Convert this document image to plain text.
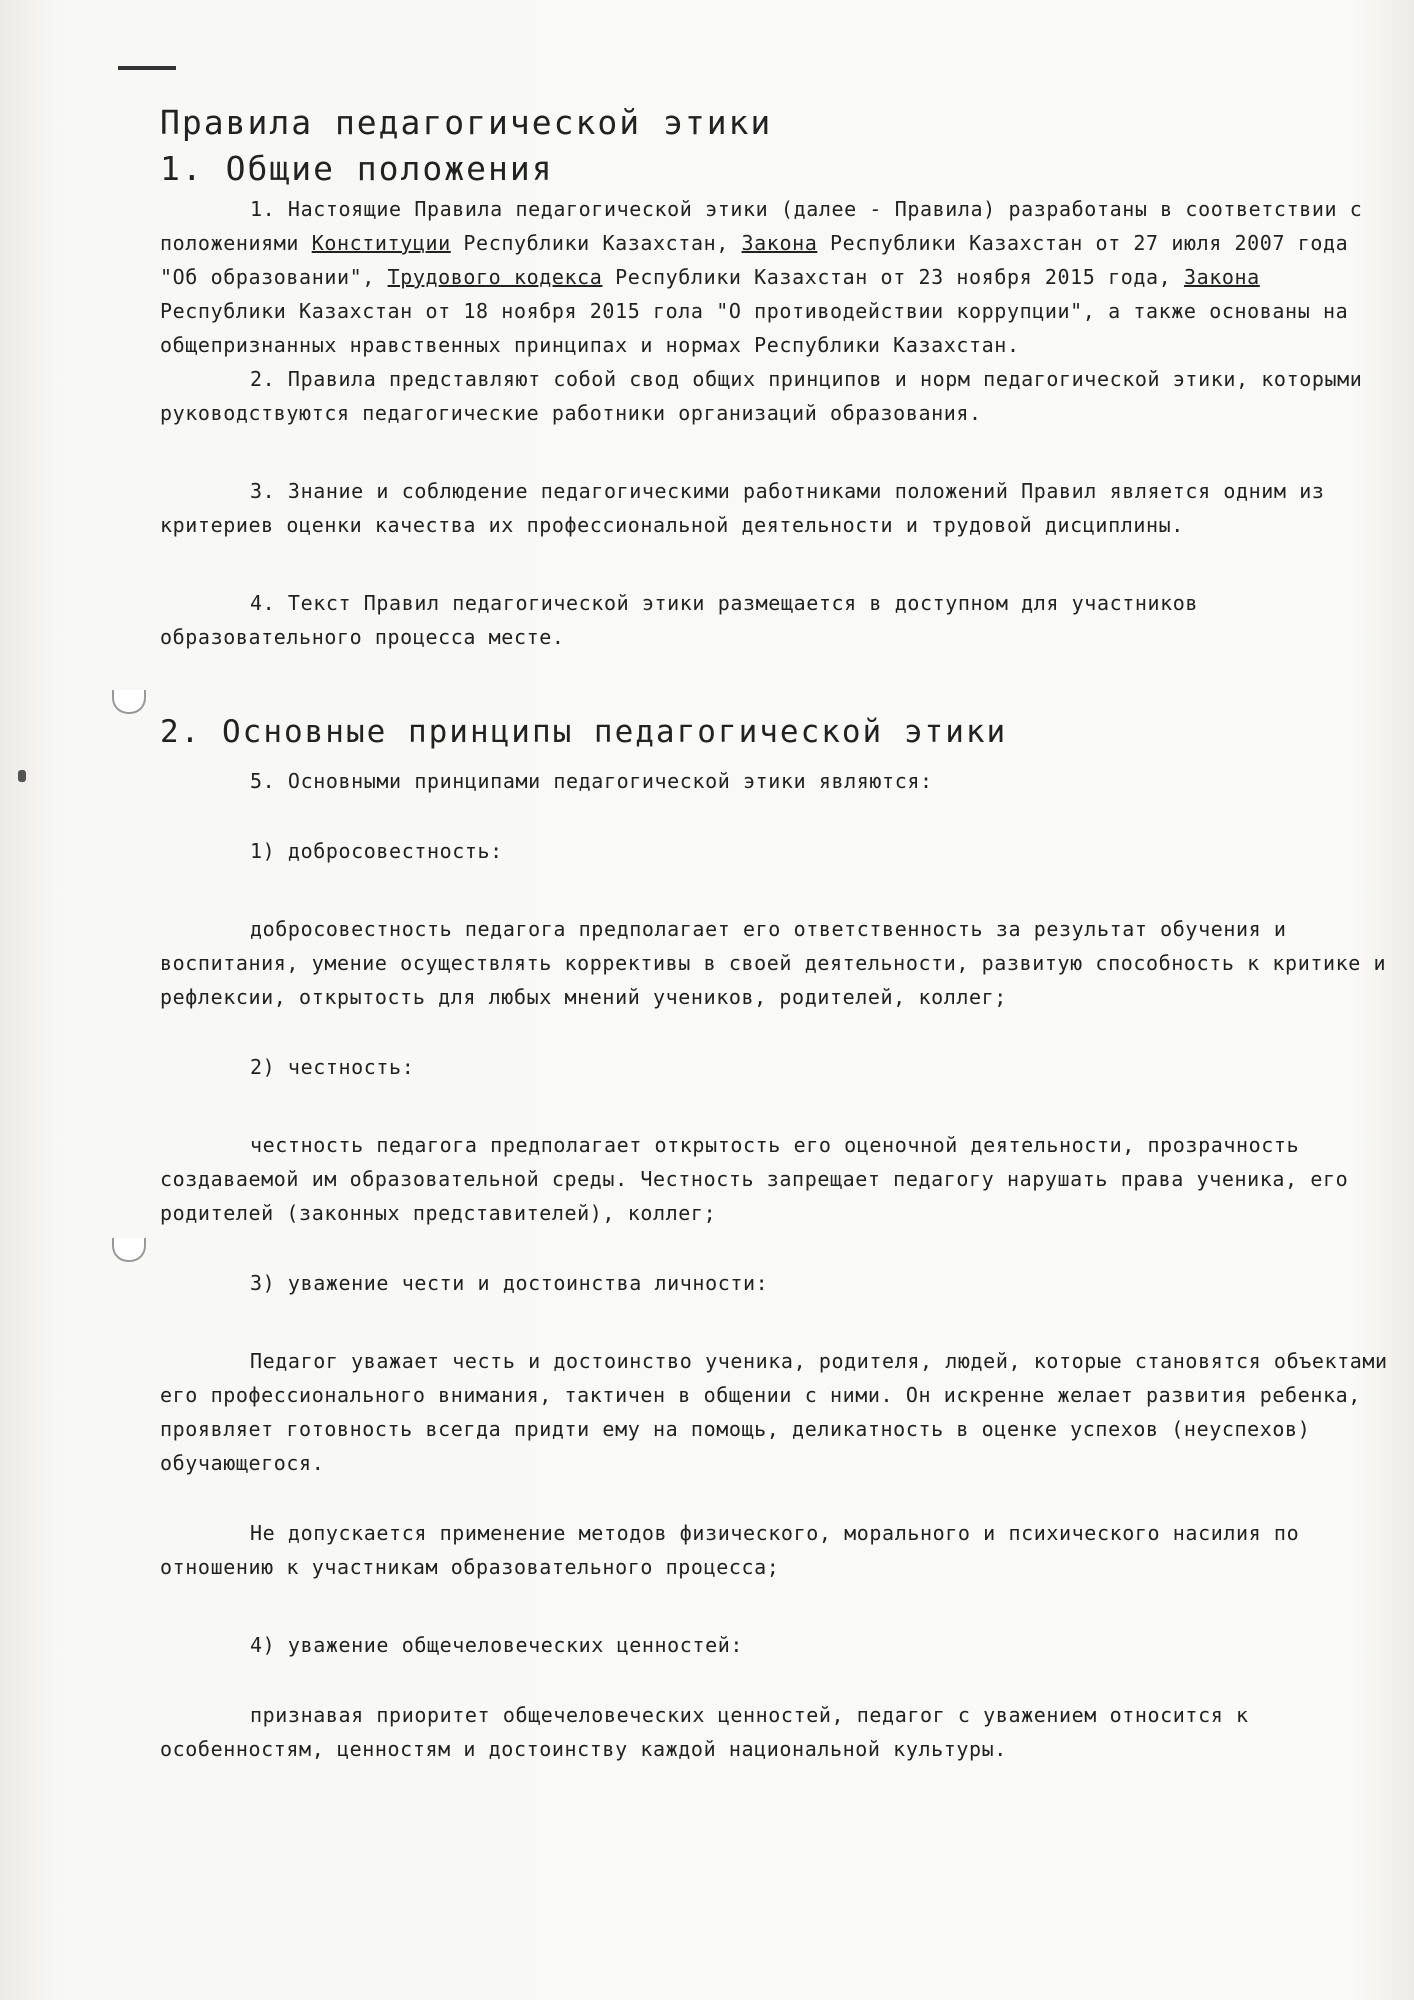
Правила педагогической этики
1. Общие положения

1. Настоящие Правила педагогической этики (далее - Правила) разработаны в соответствии с положениями Конституции Республики Казахстан, Закона Республики Казахстан от 27 июля 2007 года "Об образовании", Трудового кодекса Республики Казахстан от 23 ноября 2015 года, Закона Республики Казахстан от 18 ноября 2015 гола "О противодействии коррупции", а также основаны на общепризнанных нравственных принципах и нормах Республики Казахстан.

2. Правила представляют собой свод общих принципов и норм педагогической этики, которыми руководствуются педагогические работники организаций образования.

3. Знание и соблюдение педагогическими работниками положений Правил является одним из критериев оценки качества их профессиональной деятельности и трудовой дисциплины.

4. Текст Правил педагогической этики размещается в доступном для участников образовательного процесса месте.

2. Основные принципы педагогической этики

5. Основными принципами педагогической этики являются:

1) добросовестность:

добросовестность педагога предполагает его ответственность за результат обучения и воспитания, умение осуществлять коррективы в своей деятельности, развитую способность к критике и рефлексии, открытость для любых мнений учеников, родителей, коллег;

2) честность:

честность педагога предполагает открытость его оценочной деятельности, прозрачность создаваемой им образовательной среды. Честность запрещает педагогу нарушать права ученика, его родителей (законных представителей), коллег;

3) уважение чести и достоинства личности:

Педагог уважает честь и достоинство ученика, родителя, людей, которые становятся объектами его профессионального внимания, тактичен в общении с ними. Он искренне желает развития ребенка, проявляет готовность всегда придти ему на помощь, деликатность в оценке успехов (неуспехов) обучающегося.

Не допускается применение методов физического, морального и психического насилия по отношению к участникам образовательного процесса;

4) уважение общечеловеческих ценностей:

признавая приоритет общечеловеческих ценностей, педагог с уважением относится к особенностям, ценностям и достоинству каждой национальной культуры.
